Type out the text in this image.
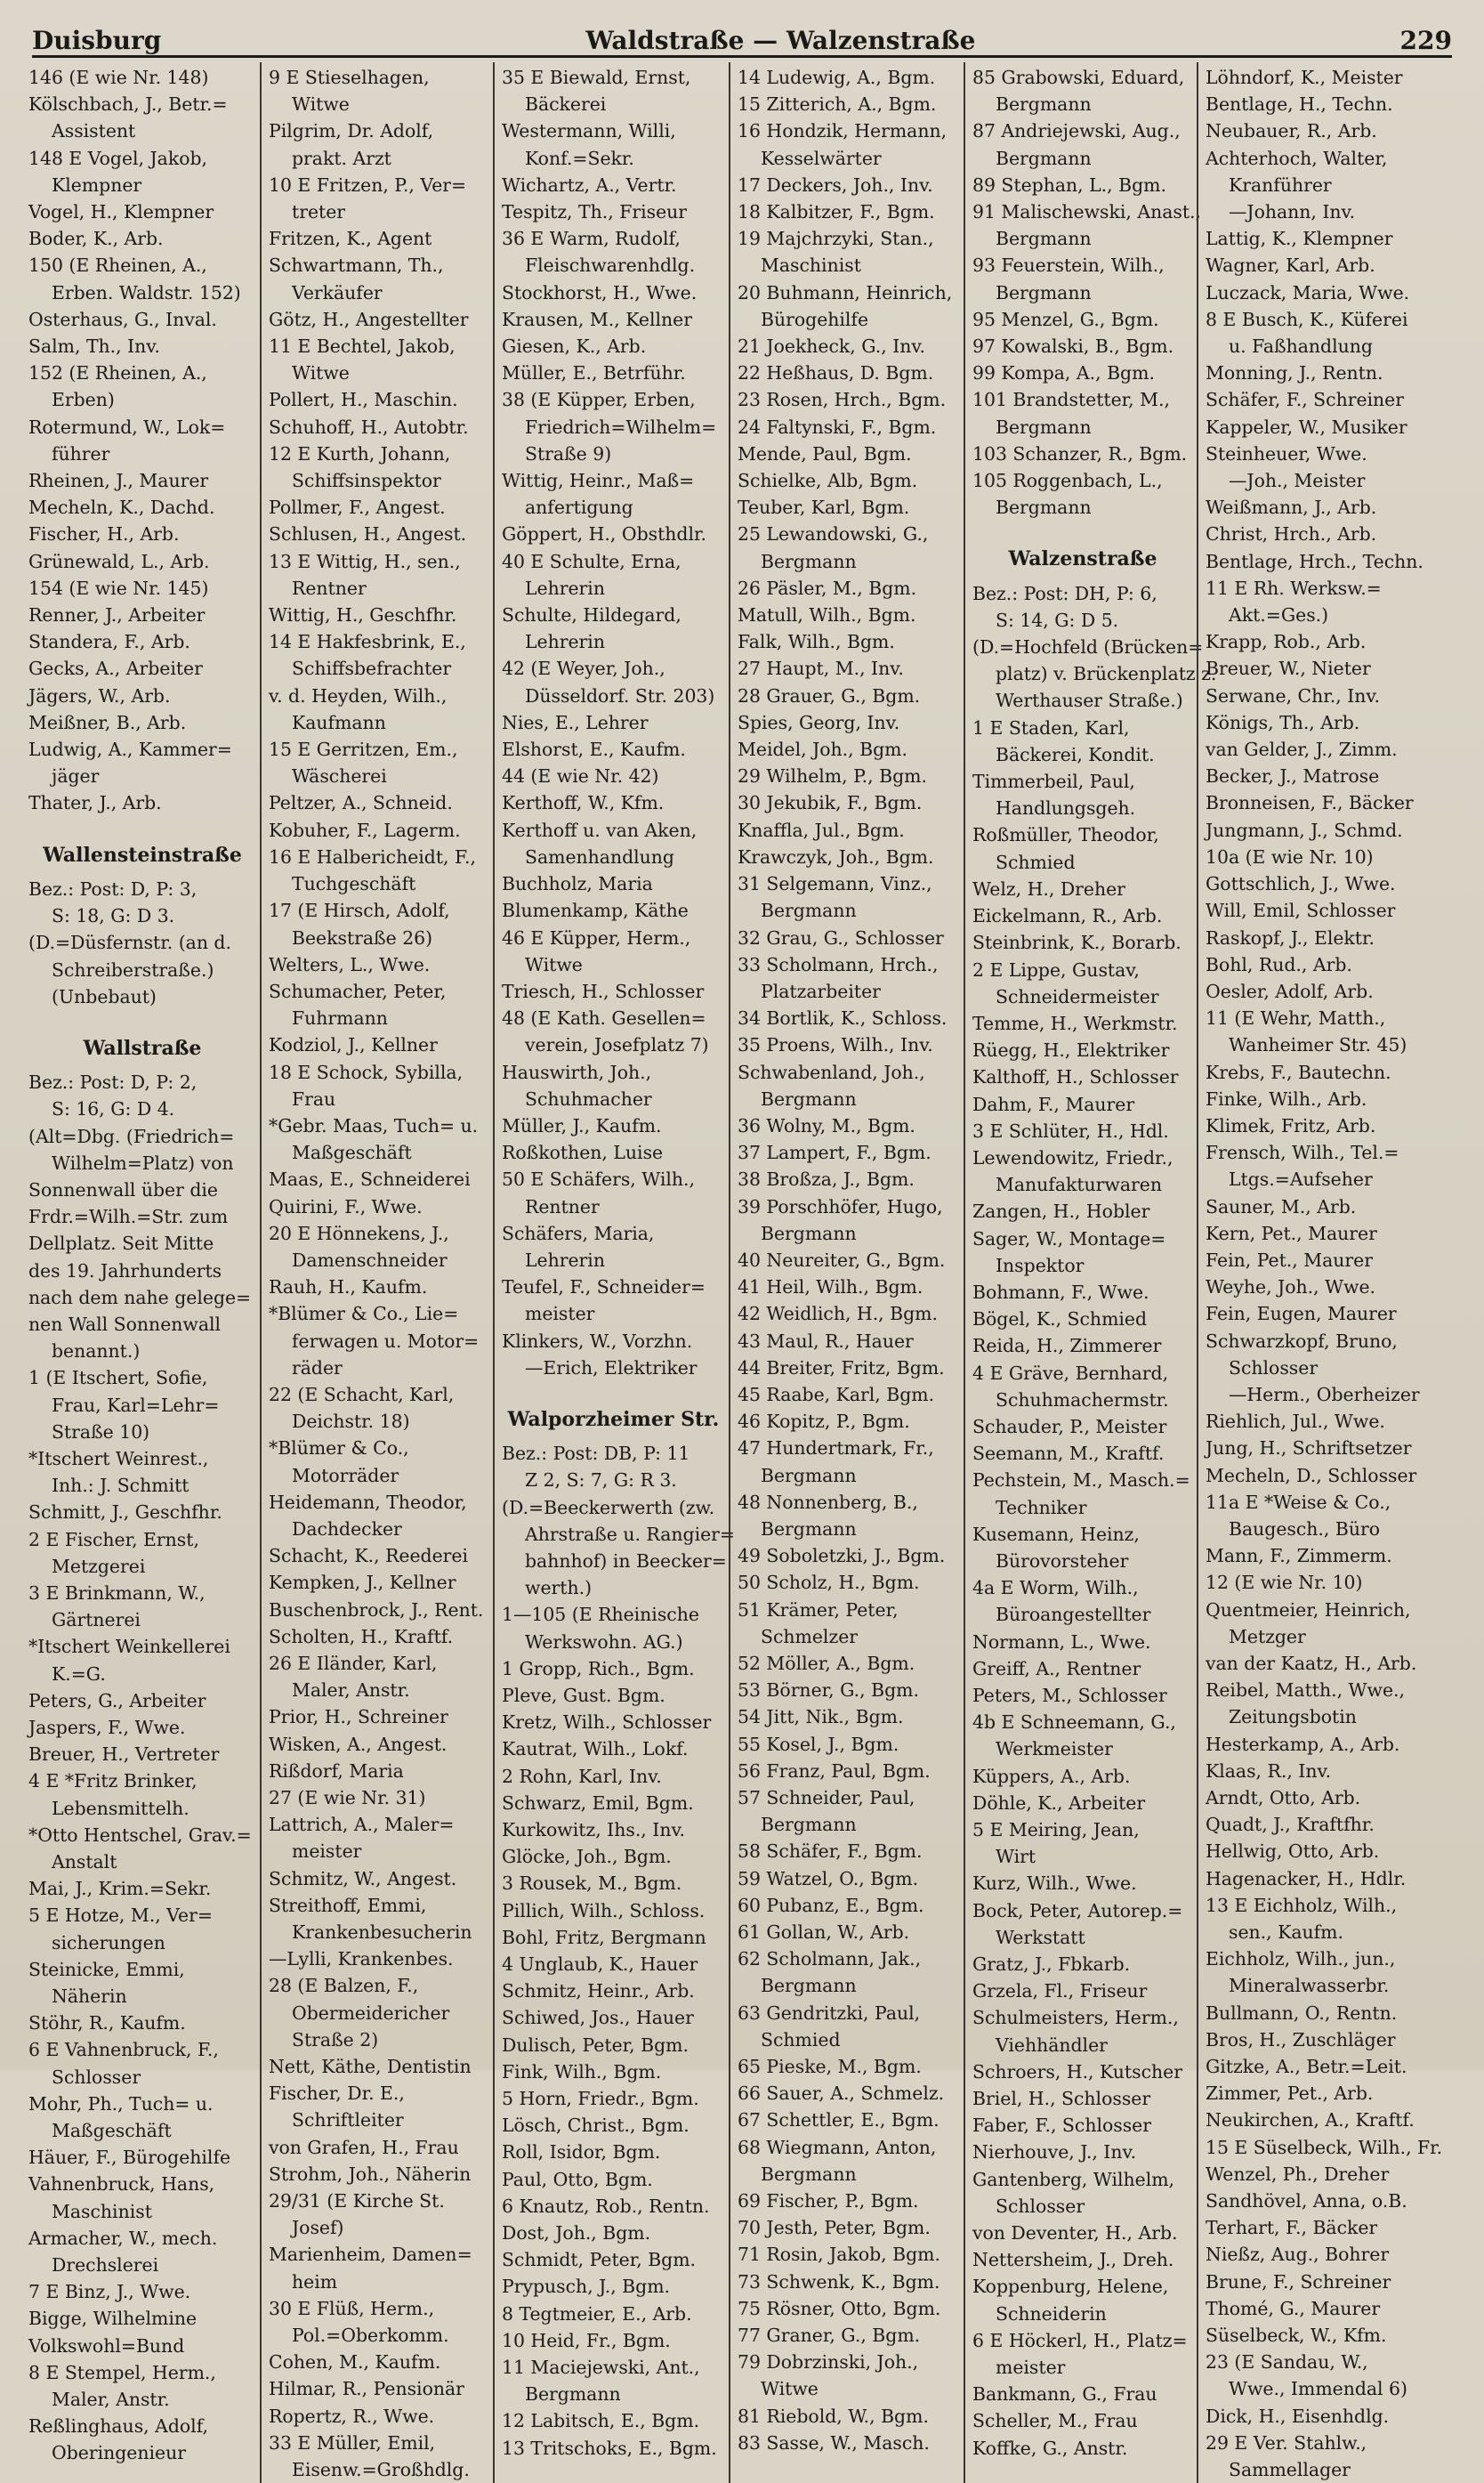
Duisburg	Waldstraße — Walzenstraße	229
146 (E wie Nr. 148)
Kölschbach, J., Betr.=
Assistent
148 E Vogel, Jakob,
Klempner
Vogel, H., Klempner
Boder, K., Arb.
150 (E Rheinen, A.,
Erben. Waldstr. 152)
Osterhaus, G., Inval.
Salm, Th., Inv.
152 (E Rheinen, A.,
Erben)
Rotermund, W., Lok=
führer
Rheinen, J., Maurer
Mecheln, K., Dachd.
Fischer, H., Arb.
Grünewald, L., Arb.
154 (E wie Nr. 145)
Renner, J., Arbeiter
Standera, F., Arb.
Gecks, A., Arbeiter
Jägers, W., Arb.
Meißner, B., Arb.
Ludwig, A., Kammer=
jäger
Thater, J., Arb.
Wallensteinstraße
Bez.: Post: D, P: 3,
S: 18, G: D 3.
(D.=Düsfernstr. (an d.
Schreiberstraße.)
(Unbebaut)
Wallstraße
Bez.: Post: D, P: 2,
S: 16, G: D 4.
(Alt=Dbg. (Friedrich=
Wilhelm=Platz) von
Sonnenwall über die
Frdr.=Wilh.=Str. zum
Dellplatz. Seit Mitte
des 19. Jahrhunderts
nach dem nahe gelege=
nen Wall Sonnenwall
benannt.)
1 (E Itschert, Sofie,
Frau, Karl=Lehr=
Straße 10)
*Itschert Weinrest.,
Inh.: J. Schmitt
Schmitt, J., Geschfhr.
2 E Fischer, Ernst,
Metzgerei
3 E Brinkmann, W.,
Gärtnerei
*Itschert Weinkellerei
K.=G.
Peters, G., Arbeiter
Jaspers, F., Wwe.
Breuer, H., Vertreter
4 E *Fritz Brinker,
Lebensmittelh.
*Otto Hentschel, Grav.=
Anstalt
Mai, J., Krim.=Sekr.
5 E Hotze, M., Ver=
sicherungen
Steinicke, Emmi,
Näherin
Stöhr, R., Kaufm.
6 E Vahnenbruck, F.,
Schlosser
Mohr, Ph., Tuch= u.
Maßgeschäft
Häuer, F., Bürogehilfe
Vahnenbruck, Hans,
Maschinist
Armacher, W., mech.
Drechslerei
7 E Binz, J., Wwe.
Bigge, Wilhelmine
Volkswohl=Bund
8 E Stempel, Herm.,
Maler, Anstr.
Reßlinghaus, Adolf,
Oberingenieur
9 E Stieselhagen,
Witwe
Pilgrim, Dr. Adolf,
prakt. Arzt
10 E Fritzen, P., Ver=
treter
Fritzen, K., Agent
Schwartmann, Th.,
Verkäufer
Götz, H., Angestellter
11 E Bechtel, Jakob,
Witwe
Pollert, H., Maschin.
Schuhoff, H., Autobtr.
12 E Kurth, Johann,
Schiffsinspektor
Pollmer, F., Angest.
Schlusen, H., Angest.
13 E Wittig, H., sen.,
Rentner
Wittig, H., Geschfhr.
14 E Hakfesbrink, E.,
Schiffsbefrachter
v. d. Heyden, Wilh.,
Kaufmann
15 E Gerritzen, Em.,
Wäscherei
Peltzer, A., Schneid.
Kobuher, F., Lagerm.
16 E Halbericheidt, F.,
Tuchgeschäft
17 (E Hirsch, Adolf,
Beekstraße 26)
Welters, L., Wwe.
Schumacher, Peter,
Fuhrmann
Kodziol, J., Kellner
18 E Schock, Sybilla,
Frau
*Gebr. Maas, Tuch= u.
Maßgeschäft
Maas, E., Schneiderei
Quirini, F., Wwe.
20 E Hönnekens, J.,
Damenschneider
Rauh, H., Kaufm.
*Blümer & Co., Lie=
ferwagen u. Motor=
räder
22 (E Schacht, Karl,
Deichstr. 18)
*Blümer & Co.,
Motorräder
Heidemann, Theodor,
Dachdecker
Schacht, K., Reederei
Kempken, J., Kellner
Buschenbrock, J., Rent.
Scholten, H., Kraftf.
26 E Iländer, Karl,
Maler, Anstr.
Prior, H., Schreiner
Wisken, A., Angest.
Rißdorf, Maria
27 (E wie Nr. 31)
Lattrich, A., Maler=
meister
Schmitz, W., Angest.
Streithoff, Emmi,
Krankenbesucherin
—Lylli, Krankenbes.
28 (E Balzen, F.,
Obermeidericher
Straße 2)
Nett, Käthe, Dentistin
Fischer, Dr. E.,
Schriftleiter
von Grafen, H., Frau
Strohm, Joh., Näherin
29/31 (E Kirche St.
Josef)
Marienheim, Damen=
heim
30 E Flüß, Herm.,
Pol.=Oberkomm.
Cohen, M., Kaufm.
Hilmar, R., Pensionär
Ropertz, R., Wwe.
33 E Müller, Emil,
Eisenw.=Großhdlg.
35 E Biewald, Ernst,
Bäckerei
Westermann, Willi,
Konf.=Sekr.
Wichartz, A., Vertr.
Tespitz, Th., Friseur
36 E Warm, Rudolf,
Fleischwarenhdlg.
Stockhorst, H., Wwe.
Krausen, M., Kellner
Giesen, K., Arb.
Müller, E., Betrführ.
38 (E Küpper, Erben,
Friedrich=Wilhelm=
Straße 9)
Wittig, Heinr., Maß=
anfertigung
Göppert, H., Obsthdlr.
40 E Schulte, Erna,
Lehrerin
Schulte, Hildegard,
Lehrerin
42 (E Weyer, Joh.,
Düsseldorf. Str. 203)
Nies, E., Lehrer
Elshorst, E., Kaufm.
44 (E wie Nr. 42)
Kerthoff, W., Kfm.
Kerthoff u. van Aken,
Samenhandlung
Buchholz, Maria
Blumenkamp, Käthe
46 E Küpper, Herm.,
Witwe
Triesch, H., Schlosser
48 (E Kath. Gesellen=
verein, Josefplatz 7)
Hauswirth, Joh.,
Schuhmacher
Müller, J., Kaufm.
Roßkothen, Luise
50 E Schäfers, Wilh.,
Rentner
Schäfers, Maria,
Lehrerin
Teufel, F., Schneider=
meister
Klinkers, W., Vorzhn.
—Erich, Elektriker
Walporzheimer Str.
Bez.: Post: DB, P: 11
Z 2, S: 7, G: R 3.
(D.=Beeckerwerth (zw.
Ahrstraße u. Rangier=
bahnhof) in Beecker=
werth.)
1—105 (E Rheinische
Werkswohn. AG.)
1 Gropp, Rich., Bgm.
Pleve, Gust. Bgm.
Kretz, Wilh., Schlosser
Kautrat, Wilh., Lokf.
2 Rohn, Karl, Inv.
Schwarz, Emil, Bgm.
Kurkowitz, Ihs., Inv.
Glöcke, Joh., Bgm.
3 Rousek, M., Bgm.
Pillich, Wilh., Schloss.
Bohl, Fritz, Bergmann
4 Unglaub, K., Hauer
Schmitz, Heinr., Arb.
Schiwed, Jos., Hauer
Dulisch, Peter, Bgm.
Fink, Wilh., Bgm.
5 Horn, Friedr., Bgm.
Lösch, Christ., Bgm.
Roll, Isidor, Bgm.
Paul, Otto, Bgm.
6 Knautz, Rob., Rentn.
Dost, Joh., Bgm.
Schmidt, Peter, Bgm.
Prypusch, J., Bgm.
8 Tegtmeier, E., Arb.
10 Heid, Fr., Bgm.
11 Maciejewski, Ant.,
Bergmann
12 Labitsch, E., Bgm.
13 Tritschoks, E., Bgm.
14 Ludewig, A., Bgm.
15 Zitterich, A., Bgm.
16 Hondzik, Hermann,
Kesselwärter
17 Deckers, Joh., Inv.
18 Kalbitzer, F., Bgm.
19 Majchrzyki, Stan.,
Maschinist
20 Buhmann, Heinrich,
Bürogehilfe
21 Joekheck, G., Inv.
22 Heßhaus, D. Bgm.
23 Rosen, Hrch., Bgm.
24 Faltynski, F., Bgm.
Mende, Paul, Bgm.
Schielke, Alb, Bgm.
Teuber, Karl, Bgm.
25 Lewandowski, G.,
Bergmann
26 Päsler, M., Bgm.
Matull, Wilh., Bgm.
Falk, Wilh., Bgm.
27 Haupt, M., Inv.
28 Grauer, G., Bgm.
Spies, Georg, Inv.
Meidel, Joh., Bgm.
29 Wilhelm, P., Bgm.
30 Jekubik, F., Bgm.
Knaffla, Jul., Bgm.
Krawczyk, Joh., Bgm.
31 Selgemann, Vinz.,
Bergmann
32 Grau, G., Schlosser
33 Scholmann, Hrch.,
Platzarbeiter
34 Bortlik, K., Schloss.
35 Proens, Wilh., Inv.
Schwabenland, Joh.,
Bergmann
36 Wolny, M., Bgm.
37 Lampert, F., Bgm.
38 Broßza, J., Bgm.
39 Porschhöfer, Hugo,
Bergmann
40 Neureiter, G., Bgm.
41 Heil, Wilh., Bgm.
42 Weidlich, H., Bgm.
43 Maul, R., Hauer
44 Breiter, Fritz, Bgm.
45 Raabe, Karl, Bgm.
46 Kopitz, P., Bgm.
47 Hundertmark, Fr.,
Bergmann
48 Nonnenberg, B.,
Bergmann
49 Soboletzki, J., Bgm.
50 Scholz, H., Bgm.
51 Krämer, Peter,
Schmelzer
52 Möller, A., Bgm.
53 Börner, G., Bgm.
54 Jitt, Nik., Bgm.
55 Kosel, J., Bgm.
56 Franz, Paul, Bgm.
57 Schneider, Paul,
Bergmann
58 Schäfer, F., Bgm.
59 Watzel, O., Bgm.
60 Pubanz, E., Bgm.
61 Gollan, W., Arb.
62 Scholmann, Jak.,
Bergmann
63 Gendritzki, Paul,
Schmied
65 Pieske, M., Bgm.
66 Sauer, A., Schmelz.
67 Schettler, E., Bgm.
68 Wiegmann, Anton,
Bergmann
69 Fischer, P., Bgm.
70 Jesth, Peter, Bgm.
71 Rosin, Jakob, Bgm.
73 Schwenk, K., Bgm.
75 Rösner, Otto, Bgm.
77 Graner, G., Bgm.
79 Dobrzinski, Joh.,
Witwe
81 Riebold, W., Bgm.
83 Sasse, W., Masch.
85 Grabowski, Eduard,
Bergmann
87 Andriejewski, Aug.,
Bergmann
89 Stephan, L., Bgm.
91 Malischewski, Anast.,
Bergmann
93 Feuerstein, Wilh.,
Bergmann
95 Menzel, G., Bgm.
97 Kowalski, B., Bgm.
99 Kompa, A., Bgm.
101 Brandstetter, M.,
Bergmann
103 Schanzer, R., Bgm.
105 Roggenbach, L.,
Bergmann
Walzenstraße
Bez.: Post: DH, P: 6,
S: 14, G: D 5.
(D.=Hochfeld (Brücken=
platz) v. Brückenplatz z.
Werthauser Straße.)
1 E Staden, Karl,
Bäckerei, Kondit.
Timmerbeil, Paul,
Handlungsgeh.
Roßmüller, Theodor,
Schmied
Welz, H., Dreher
Eickelmann, R., Arb.
Steinbrink, K., Borarb.
2 E Lippe, Gustav,
Schneidermeister
Temme, H., Werkmstr.
Rüegg, H., Elektriker
Kalthoff, H., Schlosser
Dahm, F., Maurer
3 E Schlüter, H., Hdl.
Lewendowitz, Friedr.,
Manufakturwaren
Zangen, H., Hobler
Sager, W., Montage=
Inspektor
Bohmann, F., Wwe.
Bögel, K., Schmied
Reida, H., Zimmerer
4 E Gräve, Bernhard,
Schuhmachermstr.
Schauder, P., Meister
Seemann, M., Kraftf.
Pechstein, M., Masch.=
Techniker
Kusemann, Heinz,
Bürovorsteher
4a E Worm, Wilh.,
Büroangestellter
Normann, L., Wwe.
Greiff, A., Rentner
Peters, M., Schlosser
4b E Schneemann, G.,
Werkmeister
Küppers, A., Arb.
Döhle, K., Arbeiter
5 E Meiring, Jean,
Wirt
Kurz, Wilh., Wwe.
Bock, Peter, Autorep.=
Werkstatt
Gratz, J., Fbkarb.
Grzela, Fl., Friseur
Schulmeisters, Herm.,
Viehhändler
Schroers, H., Kutscher
Briel, H., Schlosser
Faber, F., Schlosser
Nierhouve, J., Inv.
Gantenberg, Wilhelm,
Schlosser
von Deventer, H., Arb.
Nettersheim, J., Dreh.
Koppenburg, Helene,
Schneiderin
6 E Höckerl, H., Platz=
meister
Bankmann, G., Frau
Scheller, M., Frau
Koffke, G., Anstr.
Löhndorf, K., Meister
Bentlage, H., Techn.
Neubauer, R., Arb.
Achterhoch, Walter,
Kranführer
—Johann, Inv.
Lattig, K., Klempner
Wagner, Karl, Arb.
Luczack, Maria, Wwe.
8 E Busch, K., Küferei
u. Faßhandlung
Monning, J., Rentn.
Schäfer, F., Schreiner
Kappeler, W., Musiker
Steinheuer, Wwe.
—Joh., Meister
Weißmann, J., Arb.
Christ, Hrch., Arb.
Bentlage, Hrch., Techn.
11 E Rh. Werksw.=
Akt.=Ges.)
Krapp, Rob., Arb.
Breuer, W., Nieter
Serwane, Chr., Inv.
Königs, Th., Arb.
van Gelder, J., Zimm.
Becker, J., Matrose
Bronneisen, F., Bäcker
Jungmann, J., Schmd.
10a (E wie Nr. 10)
Gottschlich, J., Wwe.
Will, Emil, Schlosser
Raskopf, J., Elektr.
Bohl, Rud., Arb.
Oesler, Adolf, Arb.
11 (E Wehr, Matth.,
Wanheimer Str. 45)
Krebs, F., Bautechn.
Finke, Wilh., Arb.
Klimek, Fritz, Arb.
Frensch, Wilh., Tel.=
Ltgs.=Aufseher
Sauner, M., Arb.
Kern, Pet., Maurer
Fein, Pet., Maurer
Weyhe, Joh., Wwe.
Fein, Eugen, Maurer
Schwarzkopf, Bruno,
Schlosser
—Herm., Oberheizer
Riehlich, Jul., Wwe.
Jung, H., Schriftsetzer
Mecheln, D., Schlosser
11a E *Weise & Co.,
Baugesch., Büro
Mann, F., Zimmerm.
12 (E wie Nr. 10)
Quentmeier, Heinrich,
Metzger
van der Kaatz, H., Arb.
Reibel, Matth., Wwe.,
Zeitungsbotin
Hesterkamp, A., Arb.
Klaas, R., Inv.
Arndt, Otto, Arb.
Quadt, J., Kraftfhr.
Hellwig, Otto, Arb.
Hagenacker, H., Hdlr.
13 E Eichholz, Wilh.,
sen., Kaufm.
Eichholz, Wilh., jun.,
Mineralwasserbr.
Bullmann, O., Rentn.
Bros, H., Zuschläger
Gitzke, A., Betr.=Leit.
Zimmer, Pet., Arb.
Neukirchen, A., Kraftf.
15 E Süselbeck, Wilh., Fr.
Wenzel, Ph., Dreher
Sandhövel, Anna, o.B.
Terhart, F., Bäcker
Nießz, Aug., Bohrer
Brune, F., Schreiner
Thomé, G., Maurer
Süselbeck, W., Kfm.
23 (E Sandau, W.,
Wwe., Immendal 6)
Dick, H., Eisenhdlg.
29 E Ver. Stahlw.,
Sammellager
